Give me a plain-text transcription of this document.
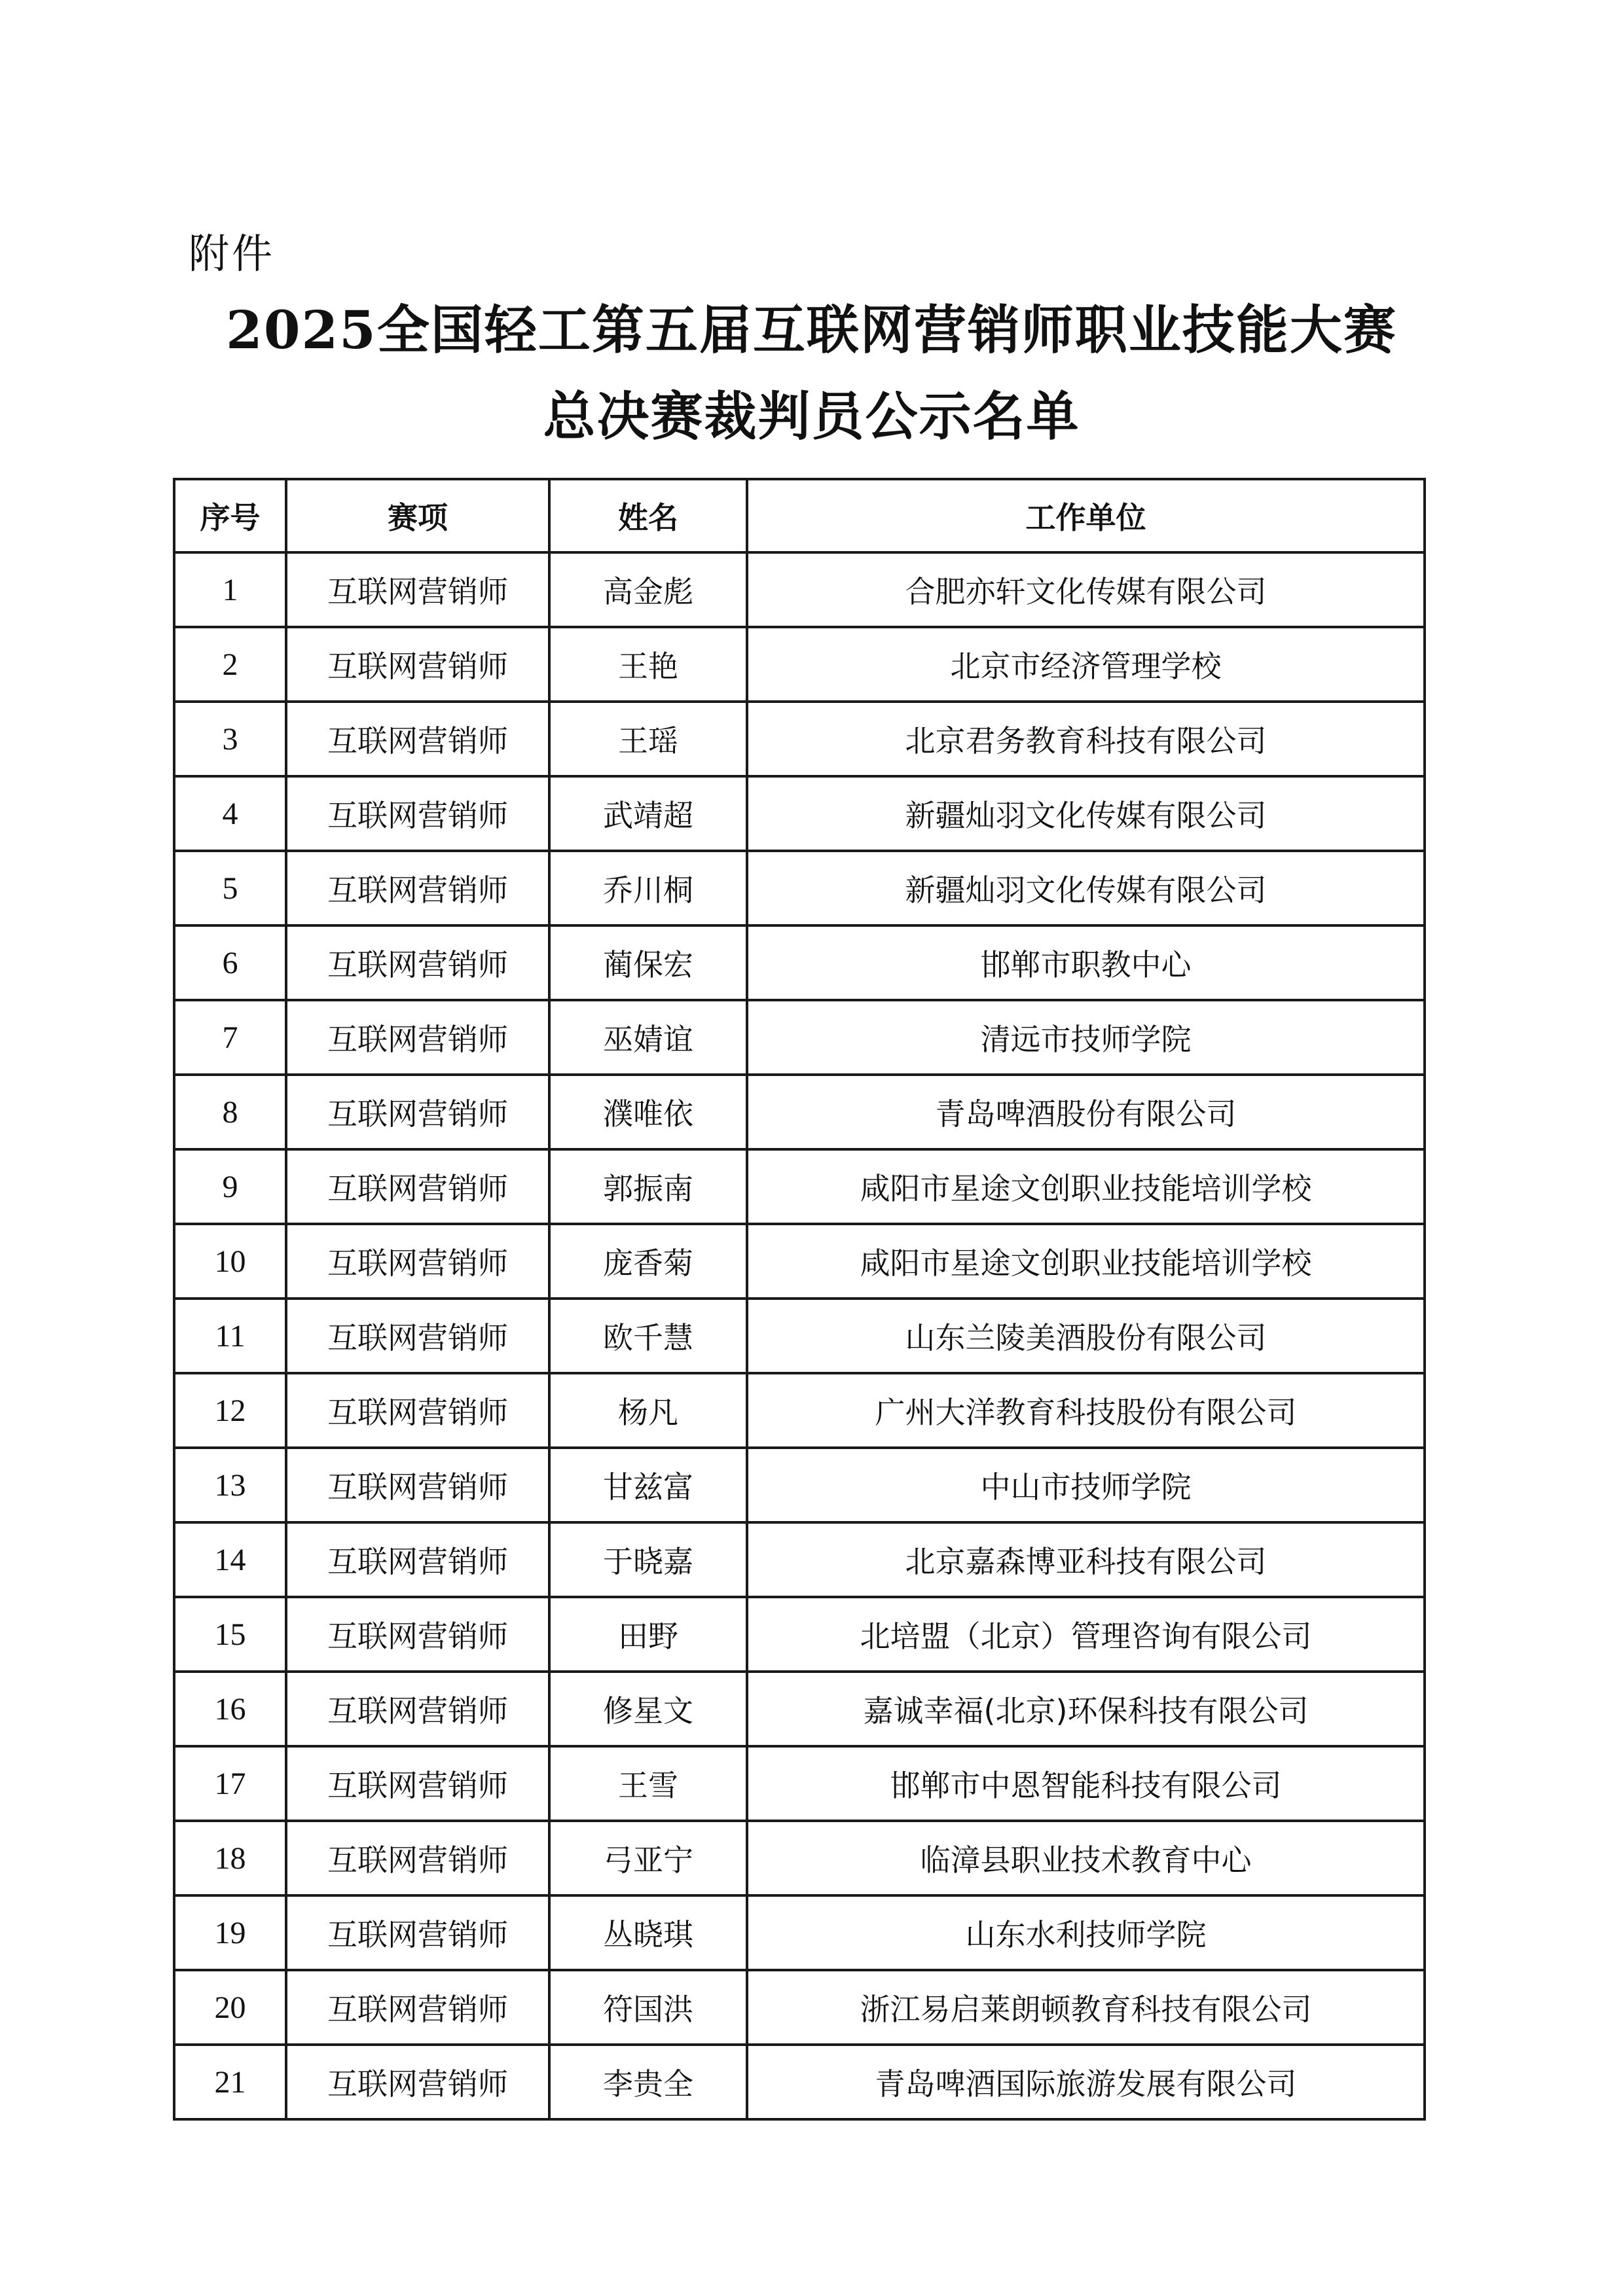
附件
2025全国轻工第五届互联网营销师职业技能大赛
总决赛裁判员公示名单
序号	赛项	姓名	工作单位
1	互联网营销师	高金彪	合肥亦轩文化传媒有限公司
2	互联网营销师	王艳	北京市经济管理学校
3	互联网营销师	王瑶	北京君务教育科技有限公司
4	互联网营销师	武靖超	新疆灿羽文化传媒有限公司
5	互联网营销师	乔川桐	新疆灿羽文化传媒有限公司
6	互联网营销师	蔺保宏	邯郸市职教中心
7	互联网营销师	巫婧谊	清远市技师学院
8	互联网营销师	濮唯依	青岛啤酒股份有限公司
9	互联网营销师	郭振南	咸阳市星途文创职业技能培训学校
10	互联网营销师	庞香菊	咸阳市星途文创职业技能培训学校
11	互联网营销师	欧千慧	山东兰陵美酒股份有限公司
12	互联网营销师	杨凡	广州大洋教育科技股份有限公司
13	互联网营销师	甘兹富	中山市技师学院
14	互联网营销师	于晓嘉	北京嘉森博亚科技有限公司
15	互联网营销师	田野	北培盟（北京）管理咨询有限公司
16	互联网营销师	修星文	嘉诚幸福(北京)环保科技有限公司
17	互联网营销师	王雪	邯郸市中恩智能科技有限公司
18	互联网营销师	弓亚宁	临漳县职业技术教育中心
19	互联网营销师	丛晓琪	山东水利技师学院
20	互联网营销师	符国洪	浙江易启莱朗顿教育科技有限公司
21	互联网营销师	李贵全	青岛啤酒国际旅游发展有限公司
